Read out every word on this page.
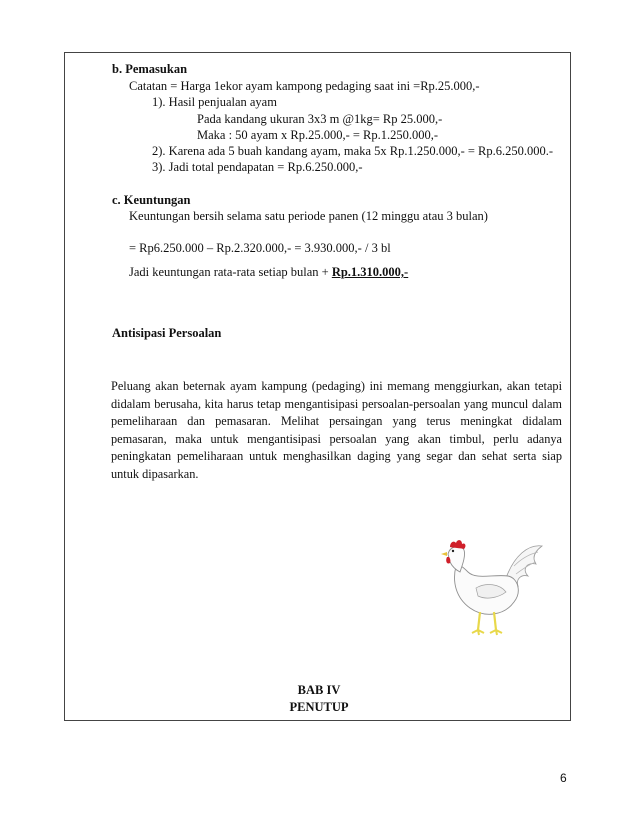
b. Pemasukan
Catatan = Harga 1ekor ayam kampong pedaging saat ini =Rp.25.000,-
1). Hasil penjualan ayam
Pada kandang ukuran 3x3 m @1kg= Rp 25.000,-
Maka : 50 ayam x Rp.25.000,- = Rp.1.250.000,-
2). Karena ada 5 buah kandang ayam, maka 5x Rp.1.250.000,- = Rp.6.250.000.-
3). Jadi total pendapatan = Rp.6.250.000,-
c. Keuntungan
Keuntungan bersih selama satu periode panen (12 minggu atau 3 bulan)
= Rp6.250.000 – Rp.2.320.000,- = 3.930.000,- / 3 bl
Jadi keuntungan rata-rata setiap bulan + Rp.1.310.000,-
Antisipasi Persoalan

Peluang akan beternak ayam kampung (pedaging) ini memang menggiurkan, akan tetapi didalam berusaha, kita harus tetap mengantisipasi persoalan-persoalan yang muncul dalam pemeliharaan dan pemasaran. Melihat persaingan yang terus meningkat didalam pemasaran, maka untuk mengantisipasi persoalan yang akan timbul, perlu adanya peningkatan pemeliharaan untuk menghasilkan daging yang segar dan sehat serta siap untuk dipasarkan.

BAB IV
PENUTUP
6
